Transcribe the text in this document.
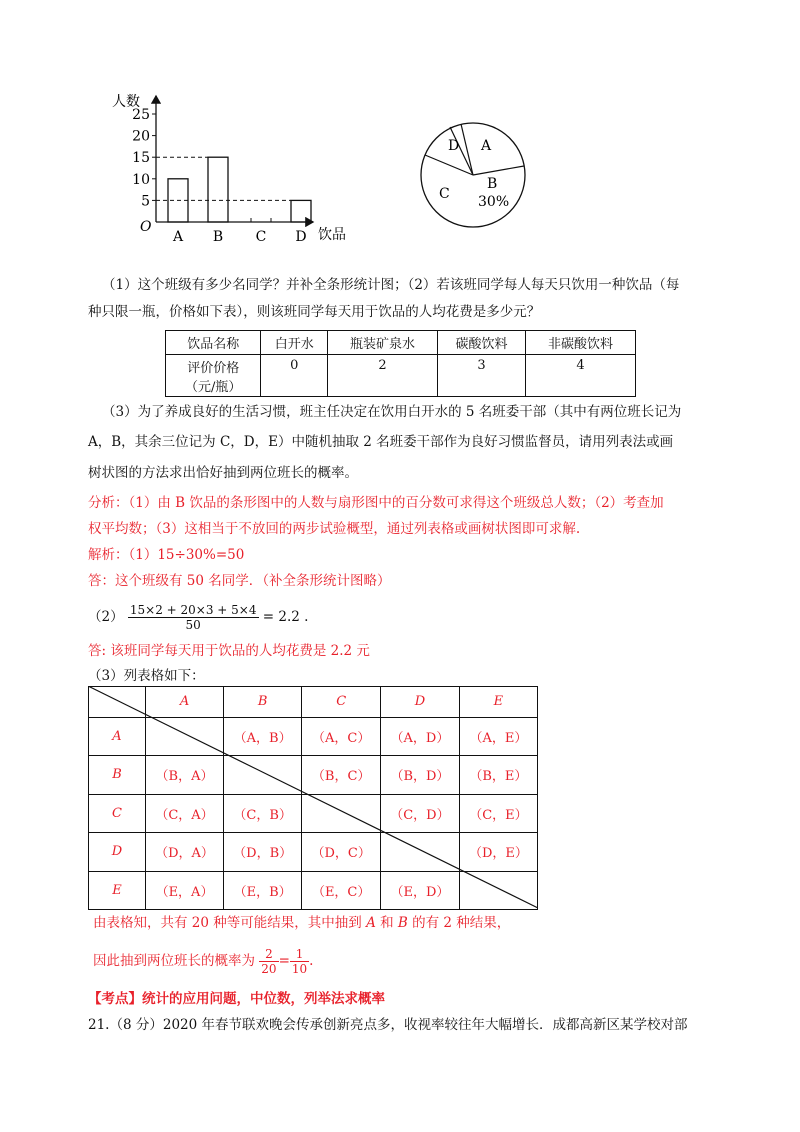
人数
5
10
15
20
25
A B C D
O	饮品
D A
C
B
30%
（1）这个班级有多少名同学？并补全条形统计图；（2）若该班同学每人每天只饮用一种饮品（每
种只限一瓶，价格如下表），则该班同学每天用于饮品的人均花费是多少元？
饮品名称	白开水	瓶装矿泉水	碳酸饮料	非碳酸饮料

评价价格
（元/瓶）	0	2	3	4
（3）为了养成良好的生活习惯，班主任决定在饮用白开水的 5 名班委干部（其中有两位班长记为
A，B，其余三位记为 C，D，E）中随机抽取 2 名班委干部作为良好习惯监督员，请用列表法或画
树状图的方法求出恰好抽到两位班长的概率。
分析：（1）由 B 饮品的条形图中的人数与扇形图中的百分数可求得这个班级总人数；（2）考查加
权平均数；（3）这相当于不放回的两步试验概型，通过列表格或画树状图即可求解.
解析：（1）15÷30%=50
答：这个班级有 50 名同学．（补全条形统计图略）
$(2) \frac{15\times 2 + 20\times 3 + 5\times 4}{50} = 2.2$ .
答: 该班同学每天用于饮品的人均花费是 2.2 元
（3）列表格如下：
	A	B	C	D	E
A		（A，B）	（A，C）	（A，D）	（A，E）
B	（B，A）		（B，C）	（B，D）	（B，E）
C	（C，A）	（C，B）		（C，D）	（C，E）
D	（D，A）	（D，B）	（D，C）		（D，E）
E	（E，A）	（E，B）	（E，C）	（E，D）	
由表格知，共有 20 种等可能结果，其中抽到 A 和 B 的有 2 种结果，
因此抽到两位班长的概率为 $\frac{2}{20} = \frac{1}{10}$ .
【考点】统计的应用问题，中位数，列举法求概率
21.（8 分）2020 年春节联欢晚会传承创新亮点多，收视率较往年大幅增长．成都高新区某学校对部
